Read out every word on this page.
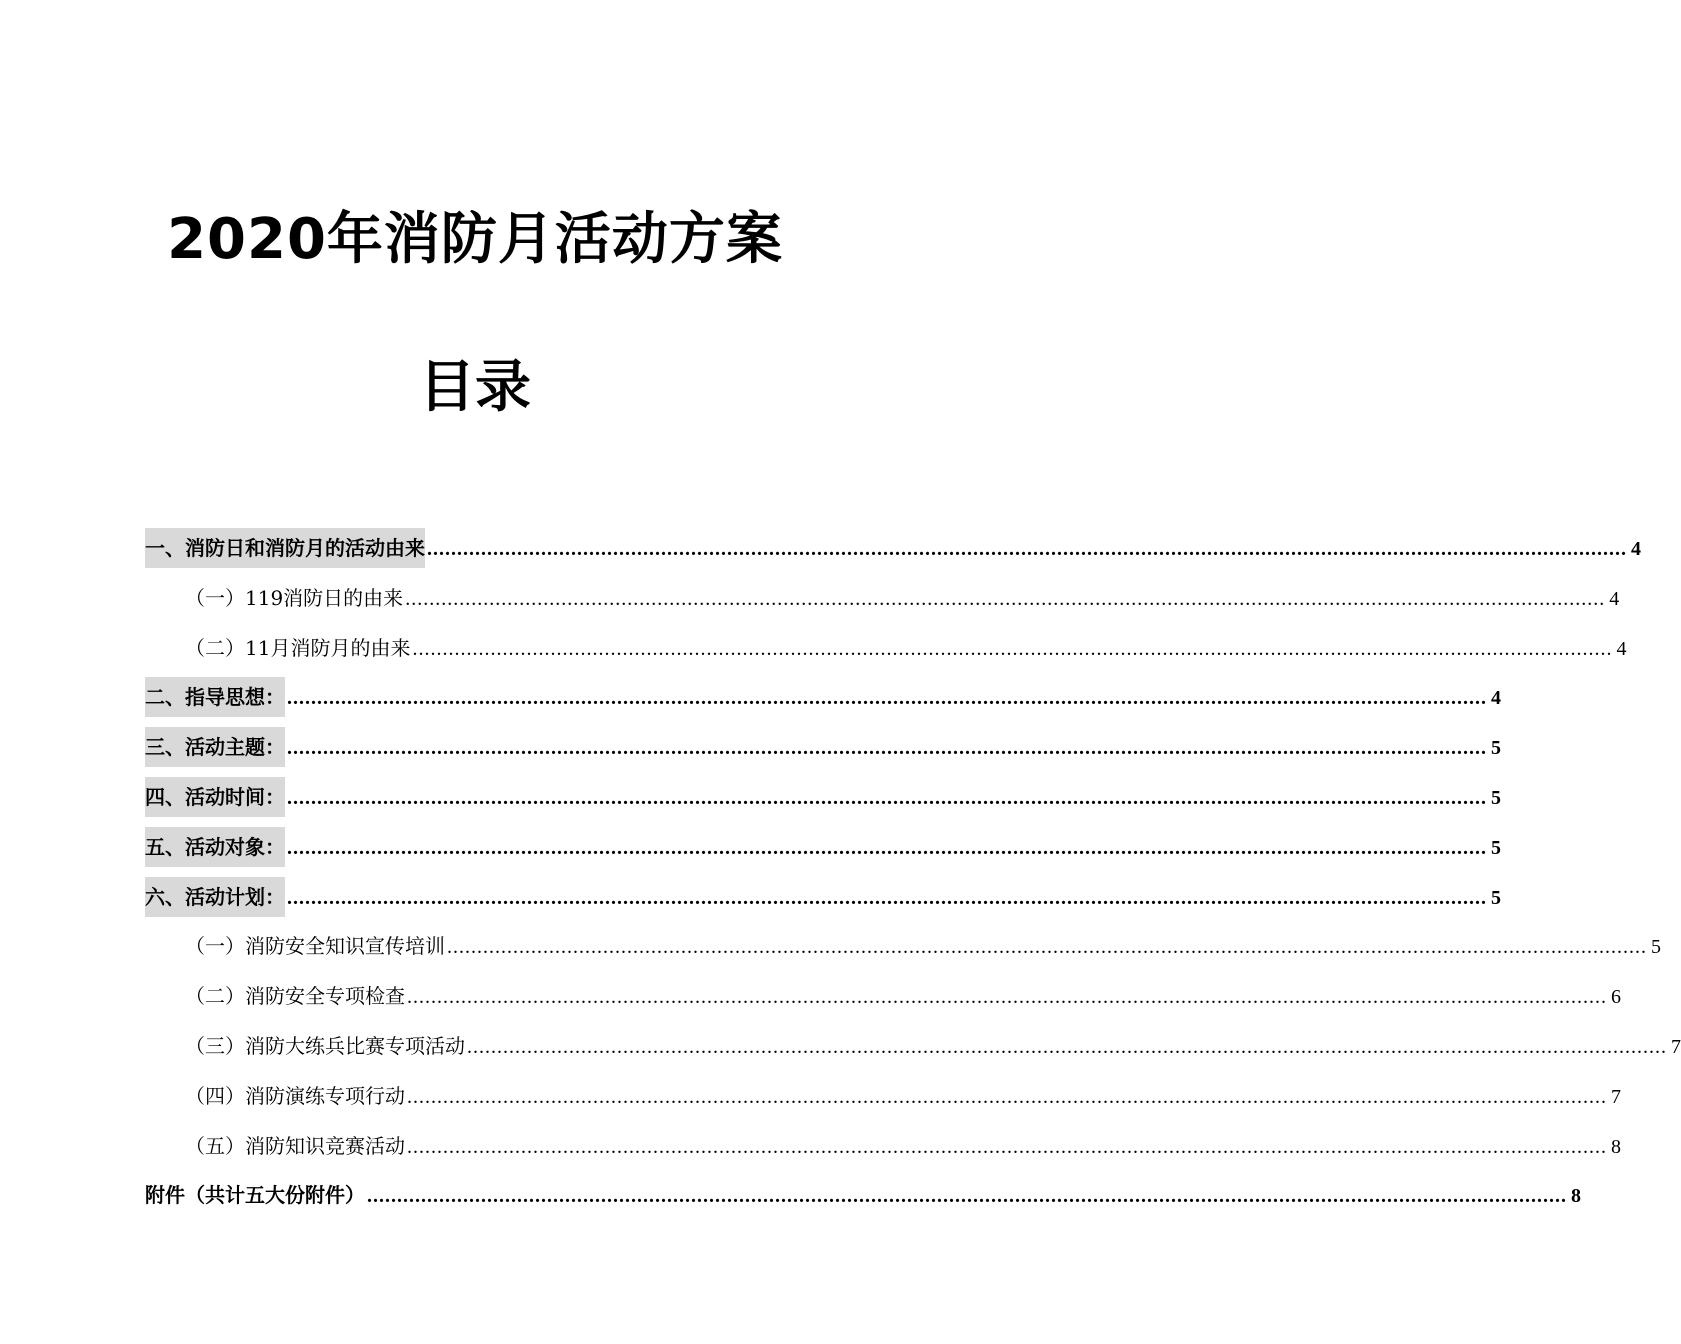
2020年消防月活动方案
目录
一、消防日和消防月的活动由来 ........................................................................................................................................................................................................ 4
（一）119消防日的由来 ........................................................................................................................................................................................................ 4
（二）11月消防月的由来 ........................................................................................................................................................................................................ 4
二、指导思想： ........................................................................................................................................................................................................ 4
三、活动主题： ........................................................................................................................................................................................................ 5
四、活动时间： ........................................................................................................................................................................................................ 5
五、活动对象： ........................................................................................................................................................................................................ 5
六、活动计划： ........................................................................................................................................................................................................ 5
（一）消防安全知识宣传培训 ........................................................................................................................................................................................................ 5
（二）消防安全专项检查 ........................................................................................................................................................................................................ 6
（三）消防大练兵比赛专项活动 ........................................................................................................................................................................................................ 7
（四）消防演练专项行动 ........................................................................................................................................................................................................ 7
（五）消防知识竞赛活动 ........................................................................................................................................................................................................ 8
附件（共计五大份附件） ........................................................................................................................................................................................................ 8
